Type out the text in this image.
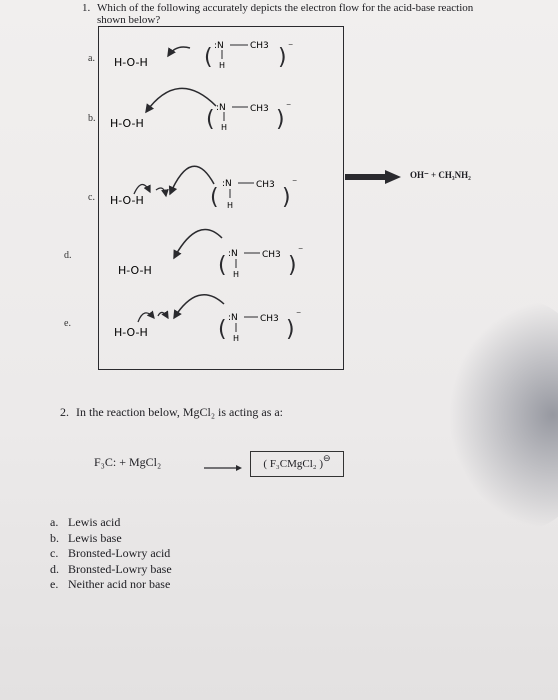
1. Which of the following accurately depicts the electron flow for the acid-base reaction shown below?
a.
b.
c.
d.
e.
H-O-H	( :N	CH3
H ) ⁻
H-O-H	( :N	CH3
H ) ⁻
H-O-H	(
:N	CH3
H )
⁻
H-O-H	( :N	CH3
H )
⁻
H-O-H	( :N CH3
H )
⁻
→ OH⁻ + CH₃NH₂
2. In the reaction below, MgCl₂ is acting as a:
F₃C: + MgCl₂	→ ( F₃CMgCl₂ )
⊖
a. Lewis acid
b. Lewis base
c. Bronsted-Lowry acid
d. Bronsted-Lowry base
e. Neither acid nor base
